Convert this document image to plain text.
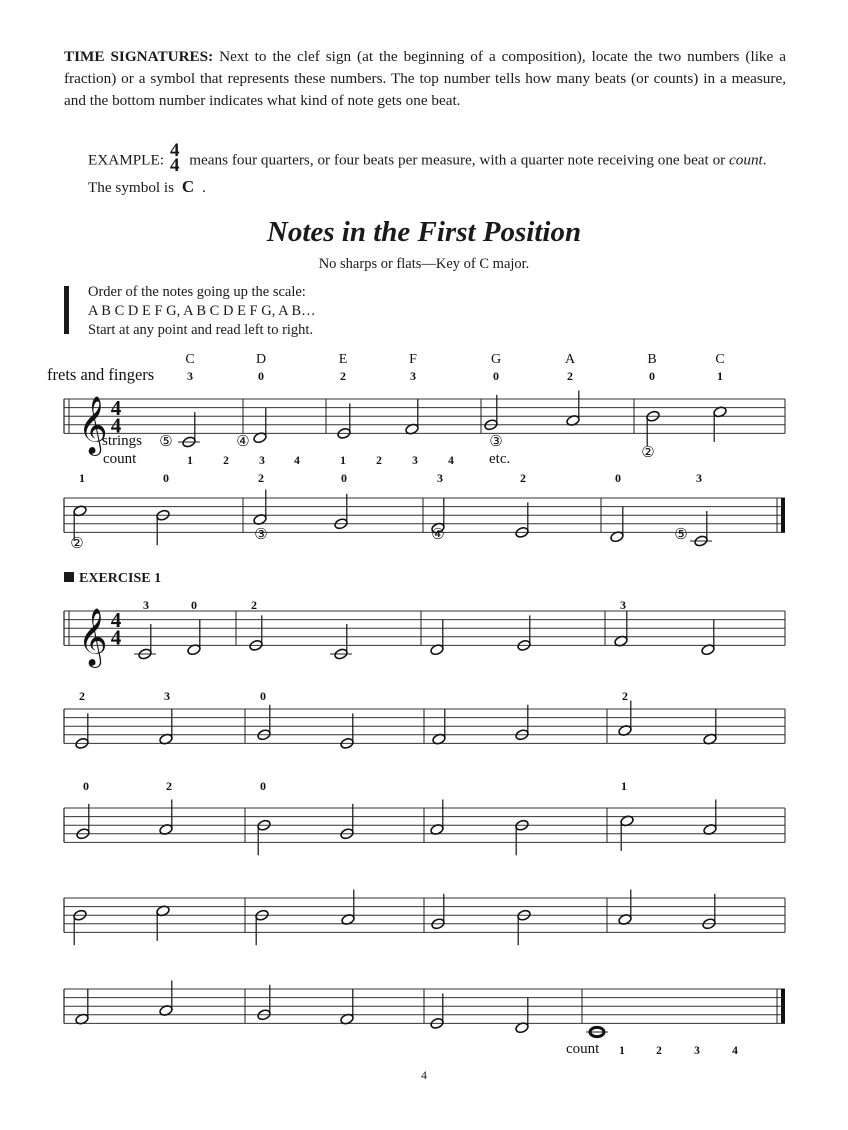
TIME SIGNATURES: Next to the clef sign (at the beginning of a composition), locate the two numbers (like a fraction) or a symbol that represents these numbers. The top number tells how many beats (or counts) in a measure, and the bottom number indicates what kind of note gets one beat.

EXAMPLE: 4
4 means four quarters, or four beats per measure, with a quarter note receiving one beat or count. The symbol is C .

Notes in the First Position

No sharps or flats—Key of C major.

Order of the notes going up the scale:
A B C D E F G, A B C D E F G, A B…
Start at any point and read left to right.
EXERCISE 1
𝄞 4
4
C
3
D
0
E
2
F
3
G
0
A
2
B
0
C
1
frets and fingers
strings ⑤	④	③
②
count	1	2	3	4	1	2	3	4 etc.
1	0	2	0	3	2	0	3
②
③	④	⑤
𝄞 4
4
3	0	2	3
2	3	0	2
0	2	0	1
count 1	2	3	4
4
